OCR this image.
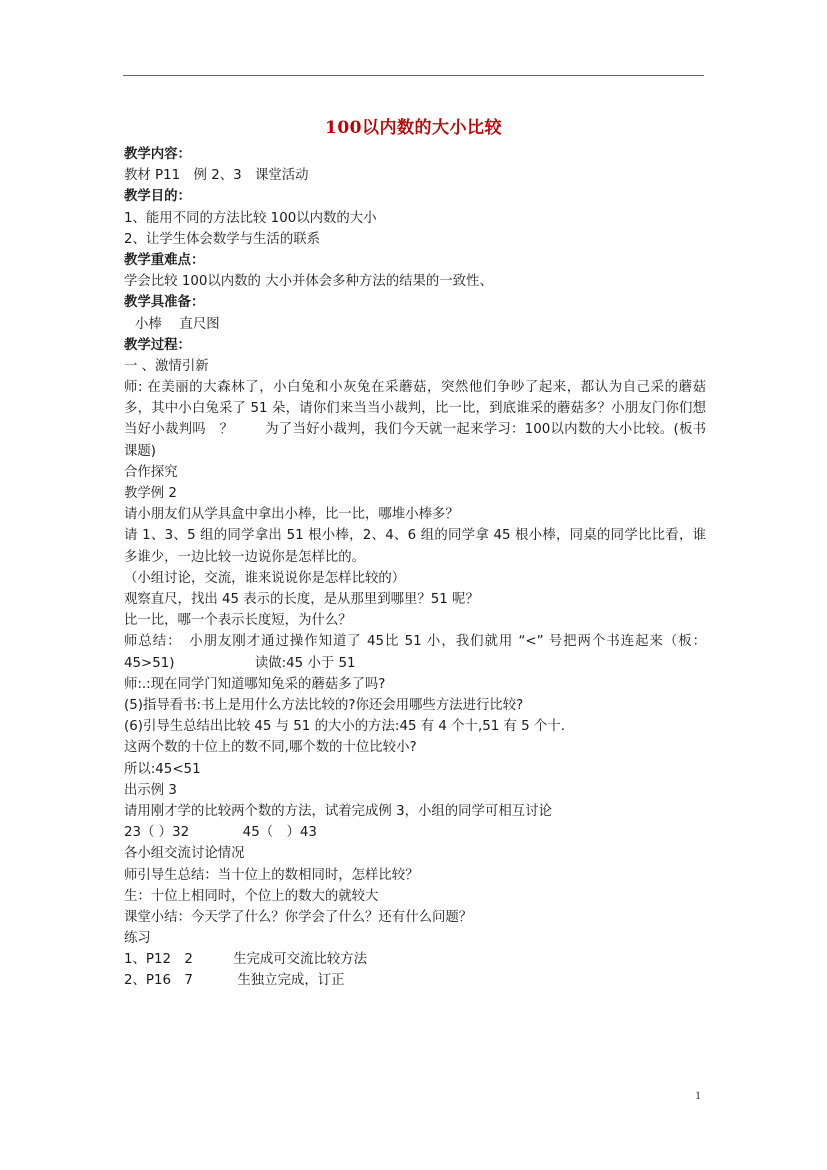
100以内数的大小比较
教学内容：
教材 P11　例 2、3　课堂活动
教学目的：
1、能用不同的方法比较 100以内数的大小
2、让学生体会数学与生活的联系
教学重难点：
学会比较 100以内数的 大小并体会多种方法的结果的一致性、
教学具准备：
小棒　 直尺图
教学过程：
一 、激情引新
师: 在美丽的大森林了，小白兔和小灰兔在采蘑菇，突然他们争吵了起来，都认为自己采的蘑菇多，其中小白兔采了 51 朵，请你们来当当小裁判，比一比，到底谁采的蘑菇多？小朋友门你们想当好小裁判吗　？　　 为了当好小裁判，我们今天就一起来学习：100以内数的大小比较。(板书课题)
合作探究
教学例 2
请小朋友们从学具盒中拿出小棒，比一比，哪堆小棒多？
请 1、3、5 组的同学拿出 51 根小棒，2、4、6 组的同学拿 45 根小棒，同桌的同学比比看，谁多谁少，一边比较一边说你是怎样比的。
（小组讨论，交流，谁来说说你是怎样比较的）
观察直尺，找出 45 表示的长度，是从那里到哪里？51 呢？
比一比，哪一个表示长度短，为什么？
师总结：　小朋友刚才通过操作知道了 45比 51 小，我们就用 “<” 号把两个书连起来（板：45>51)　　　　　　读做:45 小于 51
师:.:现在同学门知道哪知兔采的蘑菇多了吗?
(5)指导看书:书上是用什么方法比较的?你还会用哪些方法进行比较?
(6)引导生总结出比较 45 与 51 的大小的方法:45 有 4 个十,51 有 5 个十.
这两个数的十位上的数不同,哪个数的十位比较小?
所以:45<51
出示例 3
请用刚才学的比较两个数的方法，试着完成例 3，小组的同学可相互讨论
23（ ）32　　　　45（　）43
各小组交流讨论情况
师引导生总结：当十位上的数相同时，怎样比较？
生：十位上相同时，个位上的数大的就较大
课堂小结：今天学了什么？你学会了什么？还有什么问题？
练习
1、P12　2　　　生完成可交流比较方法
2、P16　7　　　 生独立完成，订正
1
